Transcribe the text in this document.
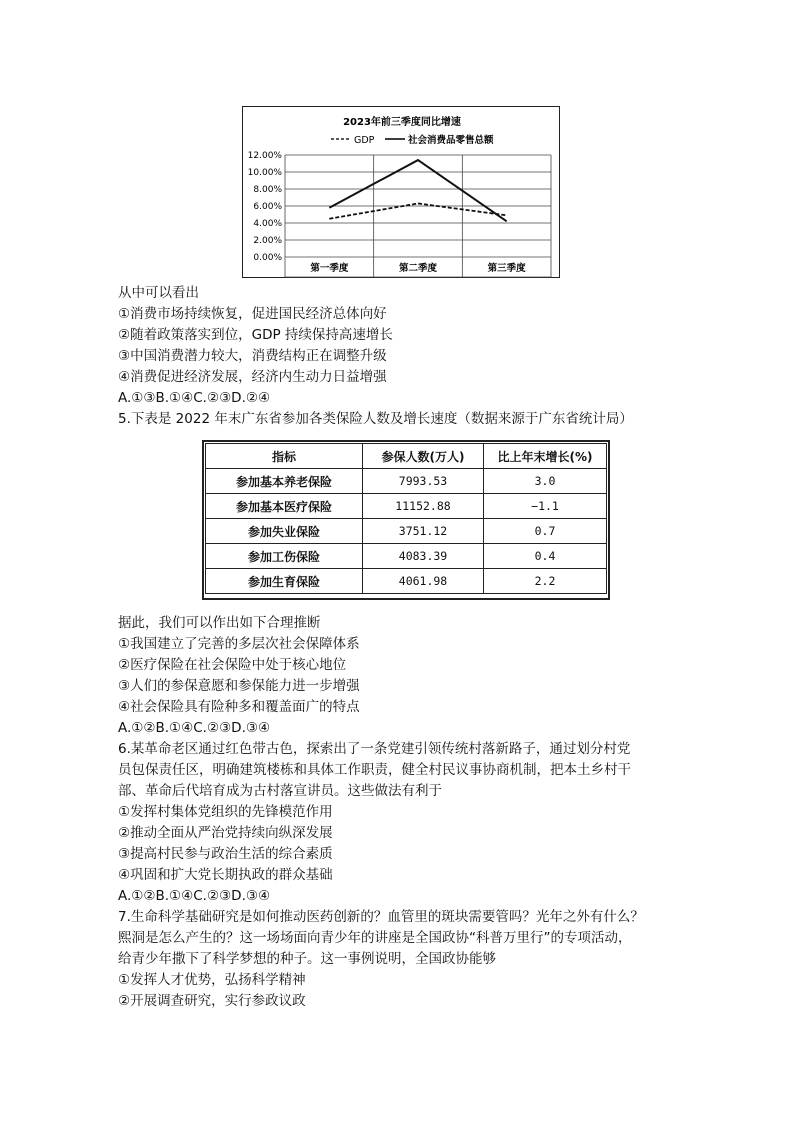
2023年前三季度同比增速
GDP	社会消费品零售总额
12.00%
10.00%
8.00%
6.00%
4.00%
2.00%
0.00%
第一季度	第二季度	第三季度
从中可以看出
①消费市场持续恢复，促进国民经济总体向好
②随着政策落实到位，GDP 持续保持高速增长
③中国消费潜力较大，消费结构正在调整升级
④消费促进经济发展，经济内生动力日益增强
A.①③B.①④C.②③D.②④
5.下表是 2022 年末广东省参加各类保险人数及增长速度（数据来源于广东省统计局）
指标	参保人数(万人)	比上年末增长(%)
参加基本养老保险	7993.53	3.0
参加基本医疗保险	11152.88	−1.1
参加失业保险	3751.12	0.7
参加工伤保险	4083.39	0.4
参加生育保险	4061.98	2.2
据此，我们可以作出如下合理推断
①我国建立了完善的多层次社会保障体系
②医疗保险在社会保险中处于核心地位
③人们的参保意愿和参保能力进一步增强
④社会保险具有险种多和覆盖面广的特点
A.①②B.①④C.②③D.③④
6.某革命老区通过红色带古色，探索出了一条党建引领传统村落新路子，通过划分村党
员包保责任区，明确建筑楼栋和具体工作职责，健全村民议事协商机制，把本土乡村干
部、革命后代培育成为古村落宣讲员。这些做法有利于
①发挥村集体党组织的先锋模范作用
②推动全面从严治党持续向纵深发展
③提高村民参与政治生活的综合素质
④巩固和扩大党长期执政的群众基础
A.①②B.①④C.②③D.③④
7.生命科学基础研究是如何推动医药创新的？血管里的斑块需要管吗？光年之外有什么？
熙洞是怎么产生的？这一场场面向青少年的讲座是全国政协“科普万里行”的专项活动，
给青少年撒下了科学梦想的种子。这一事例说明，全国政协能够
①发挥人才优势，弘扬科学精神
②开展调查研究，实行参政议政
